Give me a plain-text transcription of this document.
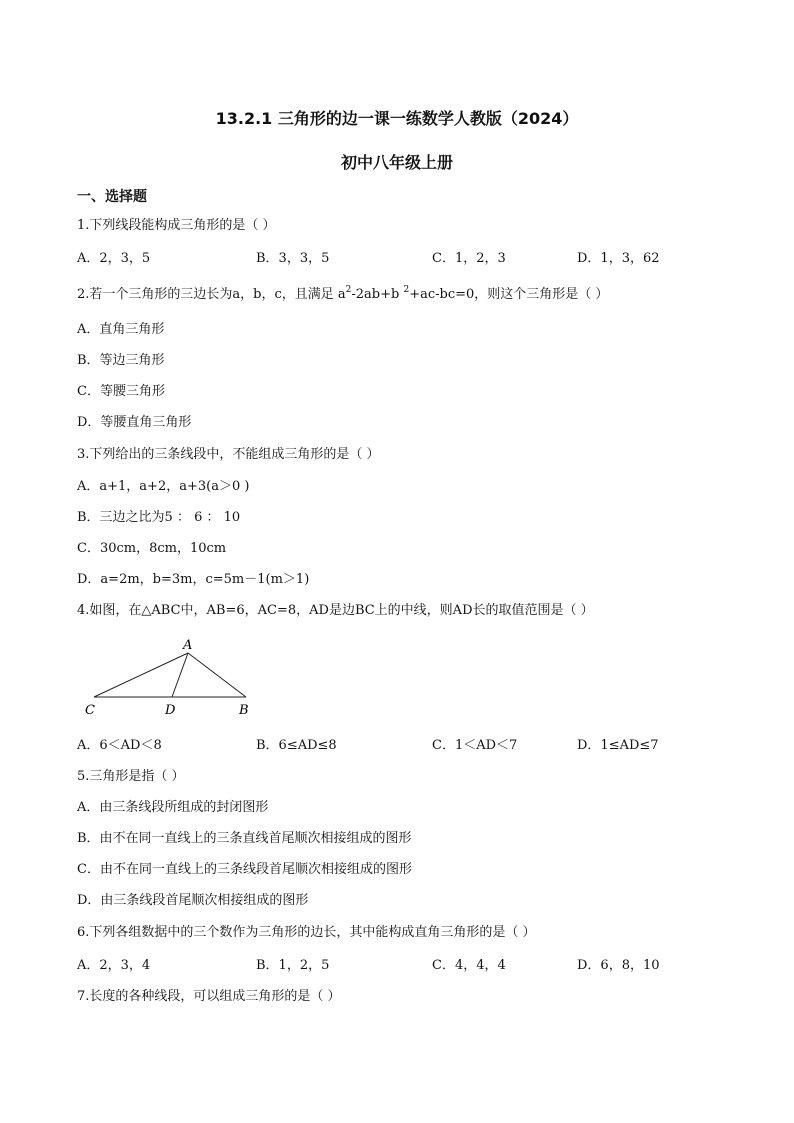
13.2.1 三角形的边一课一练数学人教版（2024）
初中八年级上册
一、选择题
1.下列线段能构成三角形的是（ ）
A．2，3，5	B．3，3，5	C．1，2，3	D．1，3，62
2.若一个三角形的三边长为a，b，c，且满足 $a^2-2ab+b$ $^2$+ac-bc=0，则这个三角形是（ ）
A．直角三角形
B．等边三角形
C．等腰三角形
D．等腰直角三角形
3.下列给出的三条线段中，不能组成三角形的是（ ）
A．a+1，a+2，a+3(a＞0 )
B．三边之比为5 ： 6 ： 10
C．30cm，8cm，10cm
D．a=2m，b=3m，c=5m－1(m＞1)
4.如图，在△ABC中，AB=6，AC=8，AD是边BC上的中线，则AD长的取值范围是（ ）
A
C	D	B
A．6＜AD＜8	B．6≤AD≤8	C．1＜AD＜7	D．1≤AD≤7
5.三角形是指（ ）
A．由三条线段所组成的封闭图形
B．由不在同一直线上的三条直线首尾顺次相接组成的图形
C．由不在同一直线上的三条线段首尾顺次相接组成的图形
D．由三条线段首尾顺次相接组成的图形
6.下列各组数据中的三个数作为三角形的边长，其中能构成直角三角形的是（ ）
A．2，3，4	B．1，2，5	C．4，4，4	D．6，8，10
7.长度的各种线段，可以组成三角形的是（ ）
